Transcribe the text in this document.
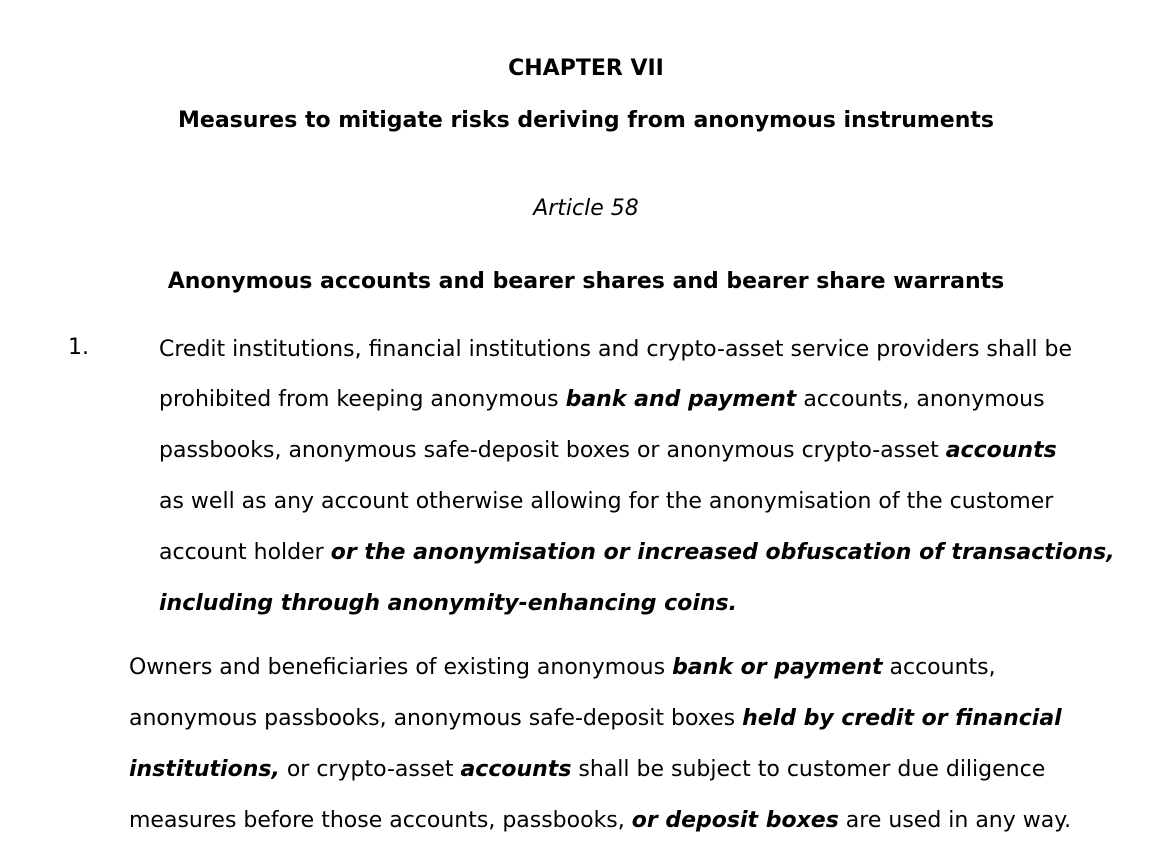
CHAPTER VII
Measures to mitigate risks deriving from anonymous instruments
Article 58
Anonymous accounts and bearer shares and bearer share warrants
1.	Credit institutions, financial institutions and crypto-asset service providers shall be
prohibited from keeping anonymous bank and payment accounts, anonymous
passbooks, anonymous safe-deposit boxes or anonymous crypto-asset accounts
as well as any account otherwise allowing for the anonymisation of the customer
account holder or the anonymisation or increased obfuscation of transactions,
including through anonymity-enhancing coins.
Owners and beneficiaries of existing anonymous bank or payment accounts,
anonymous passbooks, anonymous safe-deposit boxes held by credit or financial
institutions, or crypto-asset accounts shall be subject to customer due diligence
measures before those accounts, passbooks, or deposit boxes are used in any way.
